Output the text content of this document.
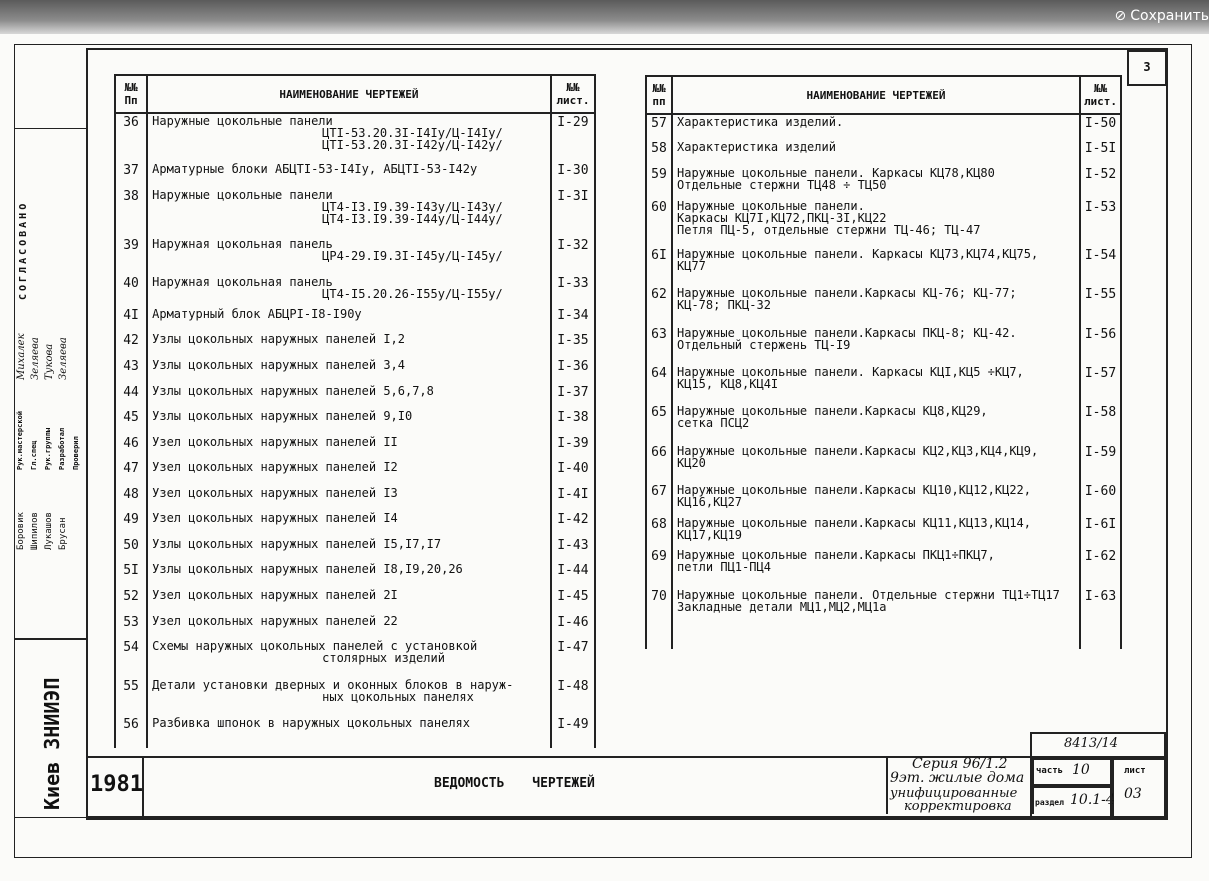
⊘ Сохранить
3
№№ Пп	НАИМЕНОВАНИЕ ЧЕРТЕЖЕЙ	№№ лист.
36	Наружные цокольные панели
ЦТI-53.20.3I-I4Iу/Ц-I4Iу/
ЦТI-53.20.3I-I42у/Ц-I42у/	I-29
37	Арматурные блоки АБЦТI-53-I4Iу, АБЦТI-53-I42у	I-30
38	Наружные цокольные панели
ЦТ4-I3.I9.39-I43у/Ц-I43у/
ЦТ4-I3.I9.39-I44у/Ц-I44у/	I-3I
39	Наружная цокольная панель
ЦР4-29.I9.3I-I45у/Ц-I45у/	I-32
40	Наружная цокольная панель
ЦТ4-I5.20.26-I55у/Ц-I55у/	I-33
4I	Арматурный блок АБЦРI-I8-I90у	I-34
42	Узлы цокольных наружных панелей I,2	I-35
43	Узлы цокольных наружных панелей 3,4	I-36
44	Узлы цокольных наружных панелей 5,6,7,8	I-37
45	Узлы цокольных наружных панелей 9,I0	I-38
46	Узел цокольных наружных панелей II	I-39
47	Узел цокольных наружных панелей I2	I-40
48	Узел цокольных наружных панелей I3	I-4I
49	Узел цокольных наружных панелей I4	I-42
50	Узлы цокольных наружных панелей I5,I7,I7	I-43
5I	Узлы цокольных наружных панелей I8,I9,20,26	I-44
52	Узел цокольных наружных панелей 2I	I-45
53	Узел цокольных наружных панелей 22	I-46
54	Схемы наружных цокольных панелей с установкой
столярных изделий	I-47
55	Детали установки дверных и оконных блоков в наруж-
ных цокольных панелях	I-48
56	Разбивка шпонок в наружных цокольных панелях	I-49
№№ пп	НАИМЕНОВАНИЕ ЧЕРТЕЖЕЙ	№№ лист.
57	Характеристика изделий.	I-50
58	Характеристика изделий	I-5I
59	Наружные цокольные панели. Каркасы КЦ78,КЦ80
Отдельные стержни ТЦ48 ÷ ТЦ50	I-52
60	Наружные цокольные панели.
Каркасы КЦ7I,КЦ72,ПКЦ-3I,КЦ22
Петля ПЦ-5, отдельные стержни ТЦ-46; ТЦ-47	I-53
6I	Наружные цокольные панели. Каркасы КЦ73,КЦ74,КЦ75,
КЦ77	I-54
62	Наружные цокольные панели.Каркасы КЦ-76; КЦ-77;
КЦ-78; ПКЦ-32	I-55
63	Наружные цокольные панели.Каркасы ПКЦ-8; КЦ-42.
Отдельный стержень ТЦ-I9	I-56
64	Наружные цокольные панели. Каркасы КЦI,КЦ5 ÷КЦ7,
КЦ15, КЦ8,КЦ4I	I-57
65	Наружные цокольные панели.Каркасы КЦ8,КЦ29,
сетка ПСЦ2	I-58
66	Наружные цокольные панели.Каркасы КЦ2,КЦ3,КЦ4,КЦ9,
КЦ20	I-59
67	Наружные цокольные панели.Каркасы КЦ10,КЦ12,КЦ22,
КЦ16,КЦ27	I-60
68	Наружные цокольные панели.Каркасы КЦ11,КЦ13,КЦ14,
КЦ17,КЦ19	I-6I
69	Наружные цокольные панели.Каркасы ПКЦ1÷ПКЦ7,
петли ПЦ1-ПЦ4	I-62
70	Наружные цокольные панели. Отдельные стержни ТЦ1÷ТЦ17
Закладные детали МЦ1,МЦ2,МЦ1а	I-63
СОГЛАСОВАНО
Рук.мастерской Гл.спец Рук.группы Разработал Проверил
Боровик Шипилов Лукашов Брусан
Михалек Зеляева Тукова Зеляева
Киев ЗНИИЭП 1981	ВЕДОМОСТЬ ЧЕРТЕЖЕЙ
Серия 96/1.2
9эт. жилые дома
унифицированные
корректировка
8413/14
часть 10
раздел 10.1-4
лист
03
